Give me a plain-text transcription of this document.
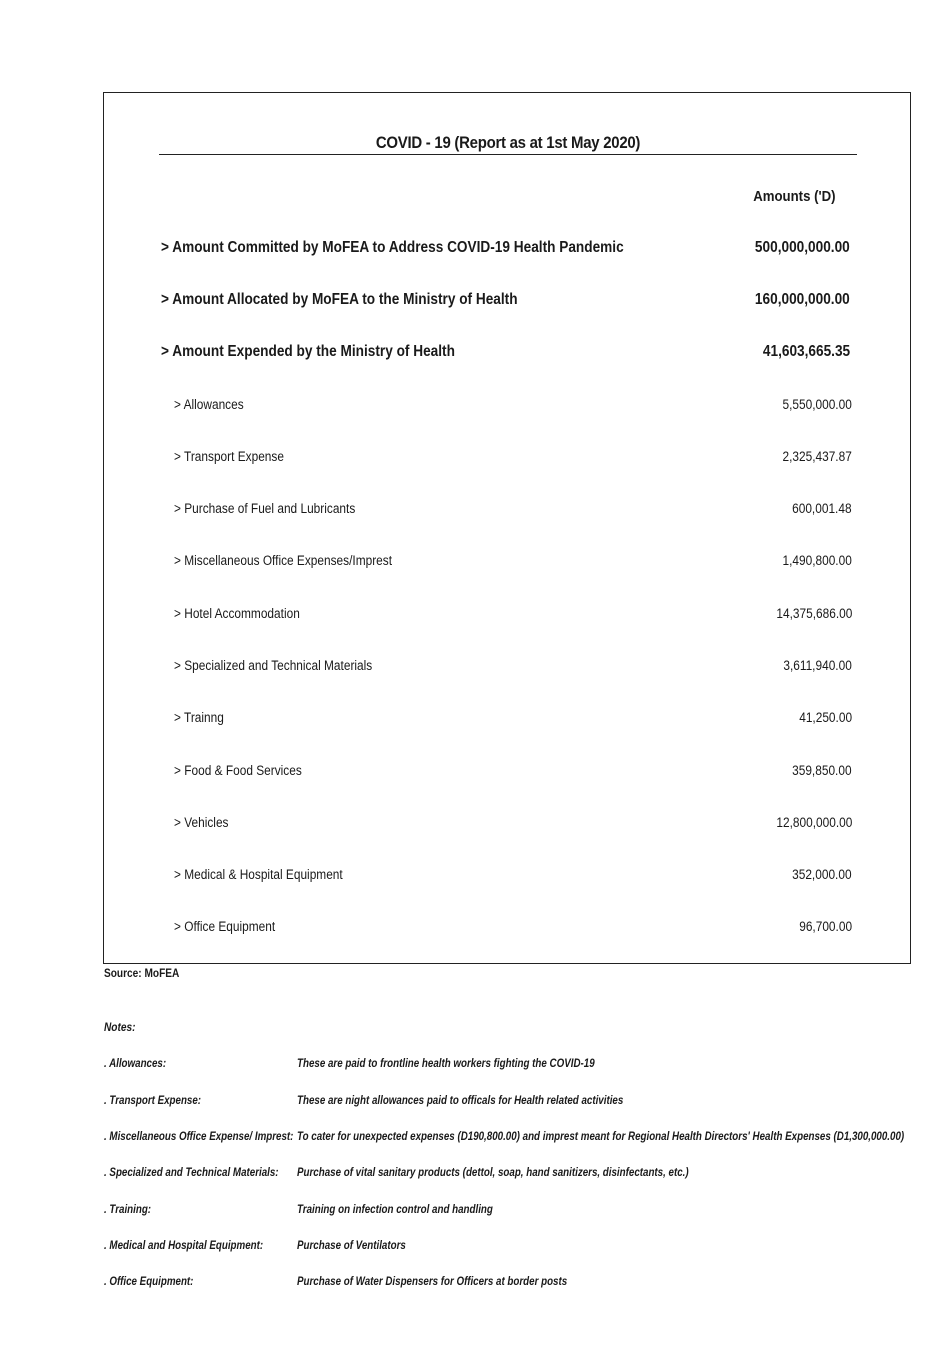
COVID - 19 (Report as at 1st May 2020)
Amounts ('D)
> Amount Committed by MoFEA to Address COVID-19 Health Pandemic	500,000,000.00
> Amount Allocated by MoFEA to the Ministry of Health	160,000,000.00
> Amount Expended by the Ministry of Health	41,603,665.35
> Allowances	5,550,000.00
> Transport Expense	2,325,437.87
> Purchase of Fuel and Lubricants	600,001.48
> Miscellaneous Office Expenses/Imprest	1,490,800.00
> Hotel Accommodation	14,375,686.00
> Specialized and Technical Materials	3,611,940.00
> Trainng	41,250.00
> Food & Food Services	359,850.00
> Vehicles	12,800,000.00
> Medical & Hospital Equipment	352,000.00
> Office Equipment	96,700.00
Source: MoFEA
Notes:
. Allowances:	These are paid to frontline health workers fighting the COVID-19
. Transport Expense:	These are night allowances paid to officals for Health related activities
. Miscellaneous Office Expense/ Imprest: To cater for unexpected expenses (D190,800.00) and imprest meant for Regional Health Directors' Health Expenses (D1,300,000.00)
. Specialized and Technical Materials: Purchase of vital sanitary products (dettol, soap, hand sanitizers, disinfectants, etc.)
. Training:	Training on infection control and handling
. Medical and Hospital Equipment:	Purchase of Ventilators
. Office Equipment:	Purchase of Water Dispensers for Officers at border posts
